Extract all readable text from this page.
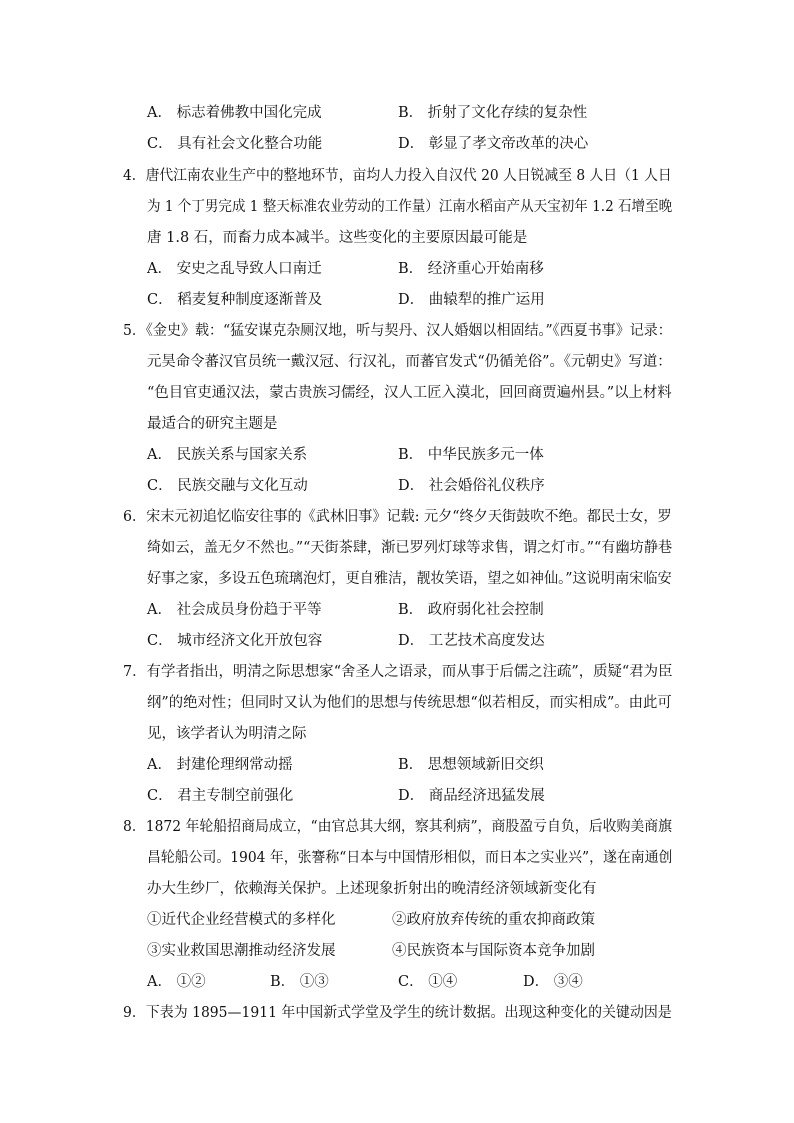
A． 标志着佛教中国化完成	B． 折射了文化存续的复杂性
C． 具有社会文化整合功能	D． 彰显了孝文帝改革的决心
4．唐代江南农业生产中的整地环节，亩均人力投入自汉代 20 人日锐减至 8 人日（1 人日
为 1 个丁男完成 1 整天标准农业劳动的工作量）江南水稻亩产从天宝初年 1.2 石增至晚
唐 1.8 石，而畜力成本减半。这些变化的主要原因最可能是
A． 安史之乱导致人口南迁	B． 经济重心开始南移
C． 稻麦复种制度逐渐普及	D． 曲辕犁的推广运用
5．《金史》载：“猛安谋克杂厕汉地，听与契丹、汉人婚姻以相固结。”《西夏书事》记录：
元昊命令蕃汉官员统一戴汉冠、行汉礼，而蕃官发式“仍循羌俗”。《元朝史》写道：
“色目官吏通汉法，蒙古贵族习儒经，汉人工匠入漠北，回回商贾遍州县。”以上材料
最适合的研究主题是
A． 民族关系与国家关系	B． 中华民族多元一体
C． 民族交融与文化互动	D． 社会婚俗礼仪秩序
6．宋末元初追忆临安往事的《武林旧事》记载: 元夕“终夕天街鼓吹不绝。都民士女，罗
绮如云，盖无夕不然也。”“天街茶肆，渐已罗列灯球等求售，谓之灯市。”“有幽坊静巷
好事之家，多设五色琉璃泡灯，更自雅洁，靓妆笑语，望之如神仙。”这说明南宋临安
A． 社会成员身份趋于平等	B． 政府弱化社会控制
C． 城市经济文化开放包容	D． 工艺技术高度发达
7．有学者指出，明清之际思想家“舍圣人之语录，而从事于后儒之注疏”，质疑“君为臣
纲”的绝对性；但同时又认为他们的思想与传统思想“似若相反，而实相成”。由此可
见，该学者认为明清之际
A． 封建伦理纲常动摇	B． 思想领域新旧交织
C． 君主专制空前强化	D． 商品经济迅猛发展
8．1872 年轮船招商局成立，“由官总其大纲，察其利病”，商股盈亏自负，后收购美商旗
昌轮船公司。1904 年，张謇称“日本与中国情形相似，而日本之实业兴”，遂在南通创
办大生纱厂，依赖海关保护。上述现象折射出的晚清经济领域新变化有
①近代企业经营模式的多样化	②政府放弃传统的重农抑商政策
③实业救国思潮推动经济发展	④民族资本与国际资本竞争加剧
A． ①②	B． ①③	C． ①④	D． ③④
9．下表为 1895—1911 年中国新式学堂及学生的统计数据。出现这种变化的关键动因是
